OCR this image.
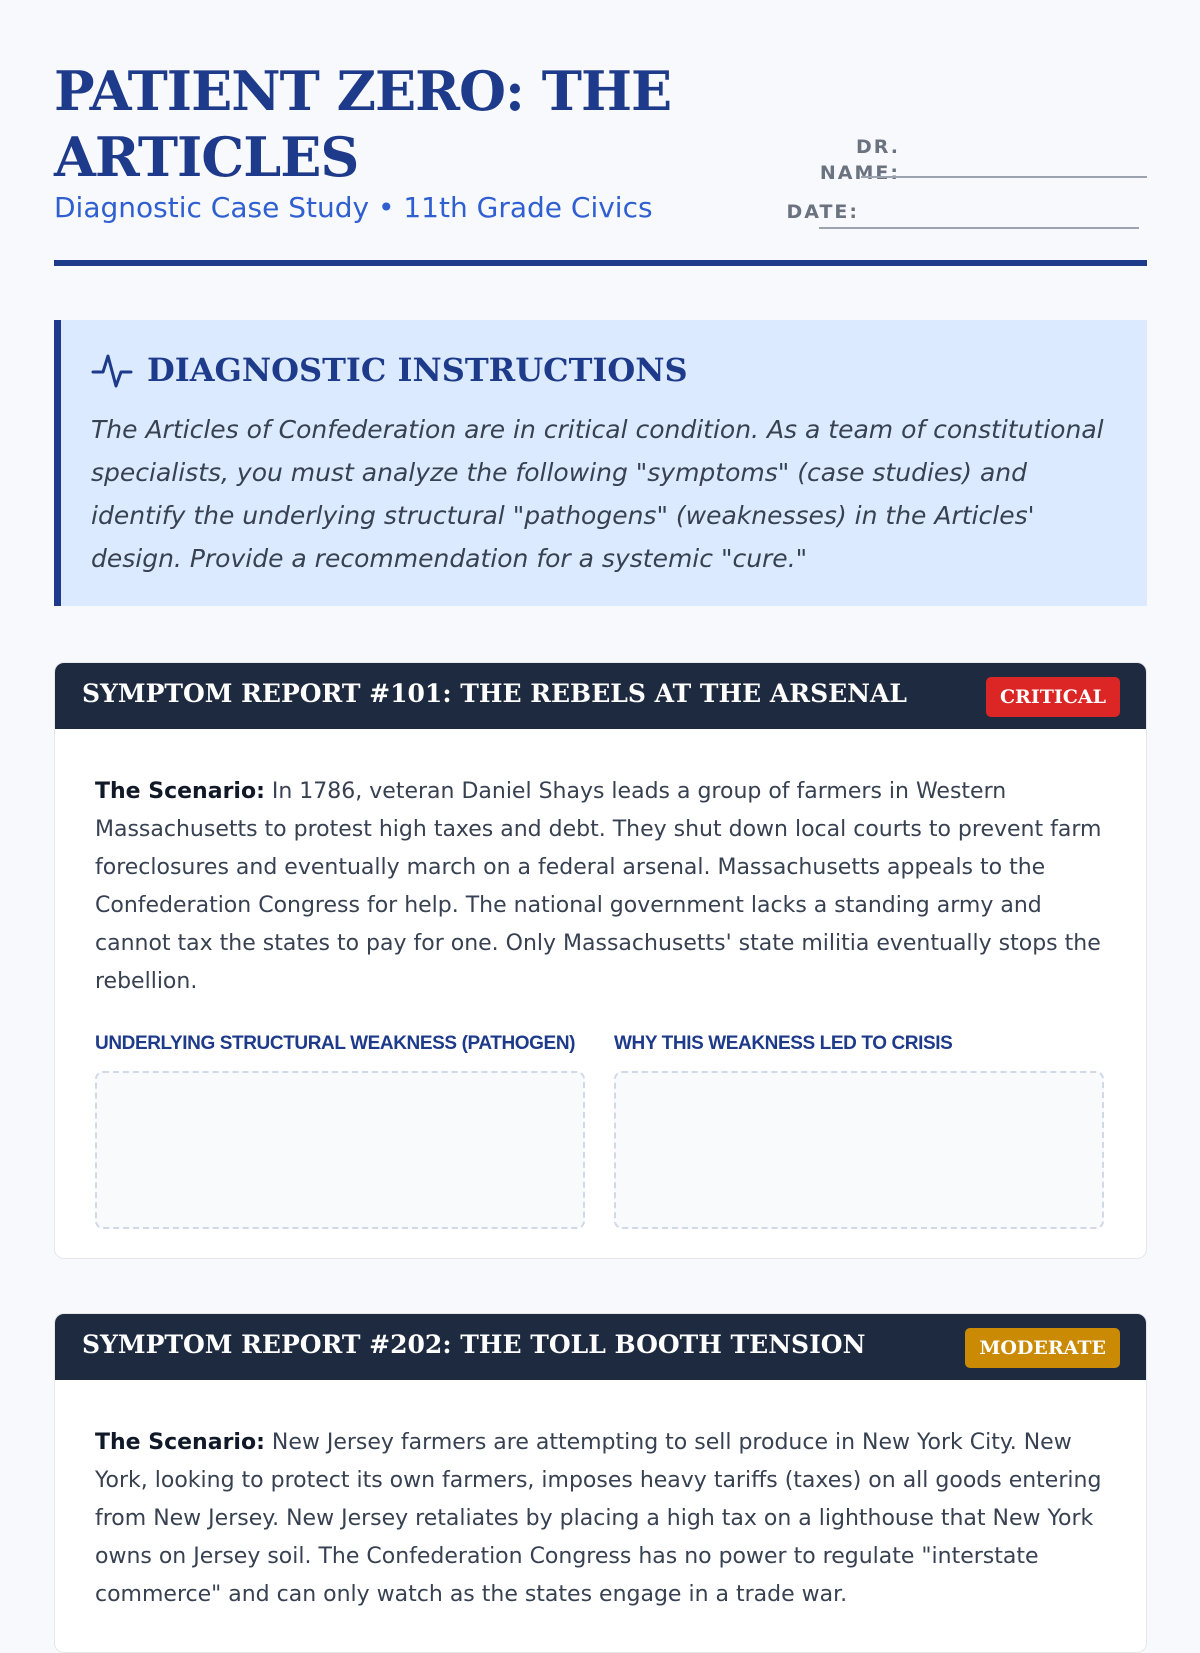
PATIENT ZERO: THE ARTICLES
Diagnostic Case Study • 11th Grade Civics
DR.
NAME:
DATE:
DIAGNOSTIC INSTRUCTIONS
The Articles of Confederation are in critical condition. As a team of constitutional specialists, you must analyze the following "symptoms" (case studies) and identify the underlying structural "pathogens" (weaknesses) in the Articles' design. Provide a recommendation for a systemic "cure."
SYMPTOM REPORT #101: THE REBELS AT THE ARSENAL	CRITICAL
The Scenario: In 1786, veteran Daniel Shays leads a group of farmers in Western Massachusetts to protest high taxes and debt. They shut down local courts to prevent farm foreclosures and eventually march on a federal arsenal. Massachusetts appeals to the Confederation Congress for help. The national government lacks a standing army and cannot tax the states to pay for one. Only Massachusetts' state militia eventually stops the rebellion.
UNDERLYING STRUCTURAL WEAKNESS (PATHOGEN) WHY THIS WEAKNESS LED TO CRISIS
SYMPTOM REPORT #202: THE TOLL BOOTH TENSION	MODERATE
The Scenario: New Jersey farmers are attempting to sell produce in New York City. New York, looking to protect its own farmers, imposes heavy tariffs (taxes) on all goods entering from New Jersey. New Jersey retaliates by placing a high tax on a lighthouse that New York owns on Jersey soil. The Confederation Congress has no power to regulate "interstate commerce" and can only watch as the states engage in a trade war.
